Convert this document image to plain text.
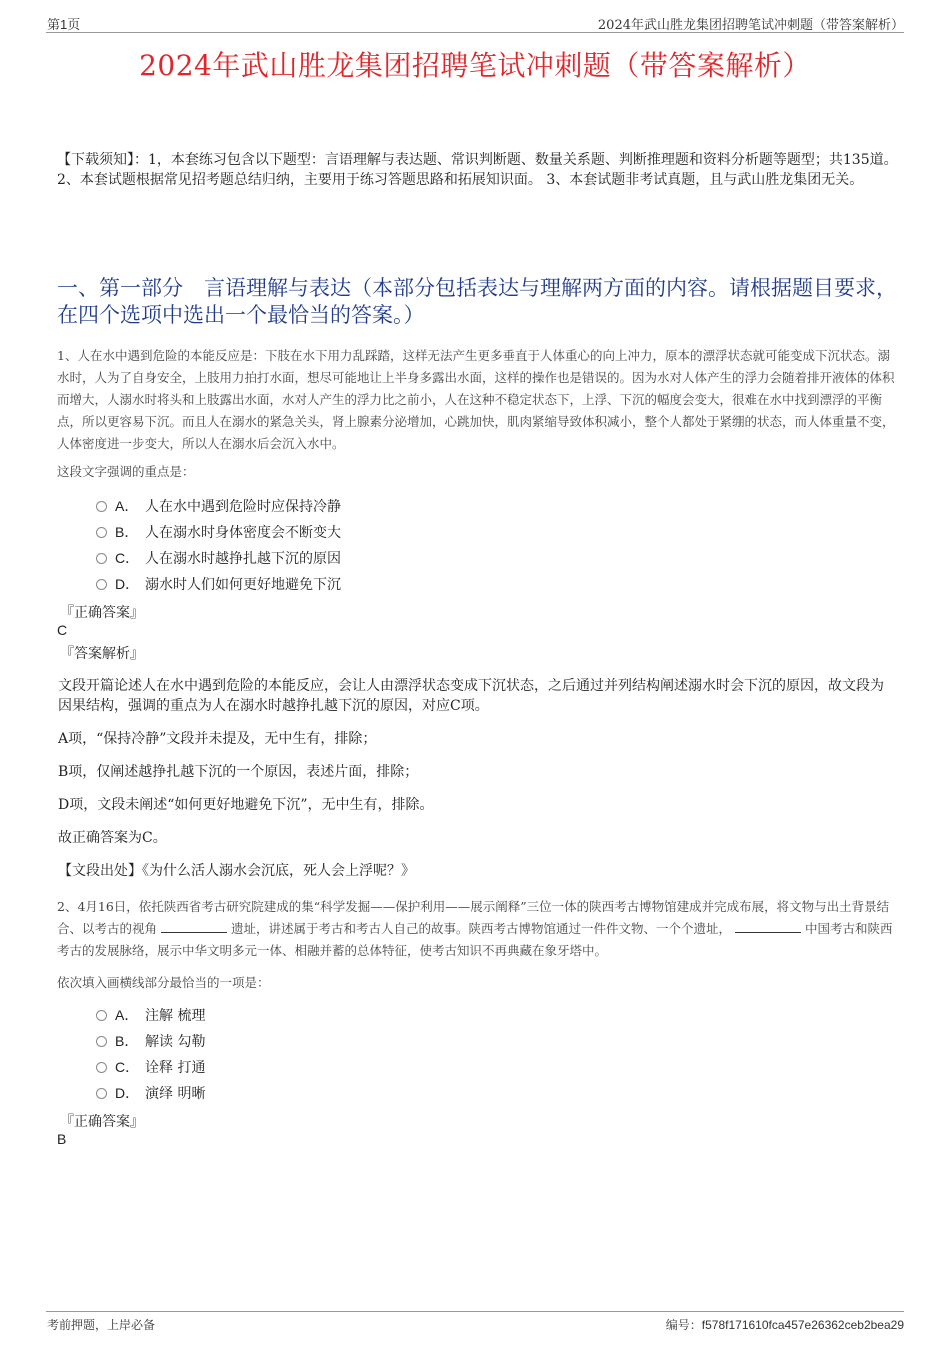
第1页	2024年武山胜龙集团招聘笔试冲刺题（带答案解析）
2024年武山胜龙集团招聘笔试冲刺题（带答案解析）
【下载须知】：1，本套练习包含以下题型：言语理解与表达题、常识判断题、数量关系题、判断推理题和资料分析题等题型；共135道。 2、本套试题根据常见招考题总结归纳，主要用于练习答题思路和拓展知识面。 3、本套试题非考试真题，且与武山胜龙集团无关。
一、第一部分　言语理解与表达（本部分包括表达与理解两方面的内容。请根据题目要求，在四个选项中选出一个最恰当的答案。）
1、人在水中遇到危险的本能反应是：下肢在水下用力乱踩踏，这样无法产生更多垂直于人体重心的向上冲力，原本的漂浮状态就可能变成下沉状态。溺水时，人为了自身安全，上肢用力拍打水面，想尽可能地让上半身多露出水面，这样的操作也是错误的。因为水对人体产生的浮力会随着排开液体的体积而增大，人溺水时将头和上肢露出水面，水对人产生的浮力比之前小，人在这种不稳定状态下，上浮、下沉的幅度会变大，很难在水中找到漂浮的平衡点，所以更容易下沉。而且人在溺水的紧急关头，肾上腺素分泌增加，心跳加快，肌肉紧缩导致体积减小，整个人都处于紧绷的状态，而人体重量不变，人体密度进一步变大，所以人在溺水后会沉入水中。
这段文字强调的重点是：
A． 人在水中遇到危险时应保持冷静
B． 人在溺水时身体密度会不断变大
C． 人在溺水时越挣扎越下沉的原因
D． 溺水时人们如何更好地避免下沉
『正确答案』
C
『答案解析』
文段开篇论述人在水中遇到危险的本能反应，会让人由漂浮状态变成下沉状态，之后通过并列结构阐述溺水时会下沉的原因，故文段为因果结构，强调的重点为人在溺水时越挣扎越下沉的原因，对应C项。
A项，“保持冷静”文段并未提及，无中生有，排除；
B项，仅阐述越挣扎越下沉的一个原因，表述片面，排除；
D项，文段未阐述“如何更好地避免下沉”，无中生有，排除。
故正确答案为C。
【文段出处】《为什么活人溺水会沉底，死人会上浮呢？》
2、4月16日，依托陕西省考古研究院建成的集“科学发掘——保护利用——展示阐释”三位一体的陕西考古博物馆建成并完成布展，将文物与出土背景结合、以考古的视角	遗址，讲述属于考古和考古人自己的故事。陕西考古博物馆通过一件件文物、一个个遗址，	中国考古和陕西考古的发展脉络，展示中华文明多元一体、相融并蓄的总体特征，使考古知识不再典藏在象牙塔中。
依次填入画横线部分最恰当的一项是：
A． 注解 梳理
B． 解读 勾勒
C． 诠释 打通
D． 演绎 明晰
『正确答案』
B
考前押题，上岸必备	编号：f578f171610fca457e26362ceb2bea29
